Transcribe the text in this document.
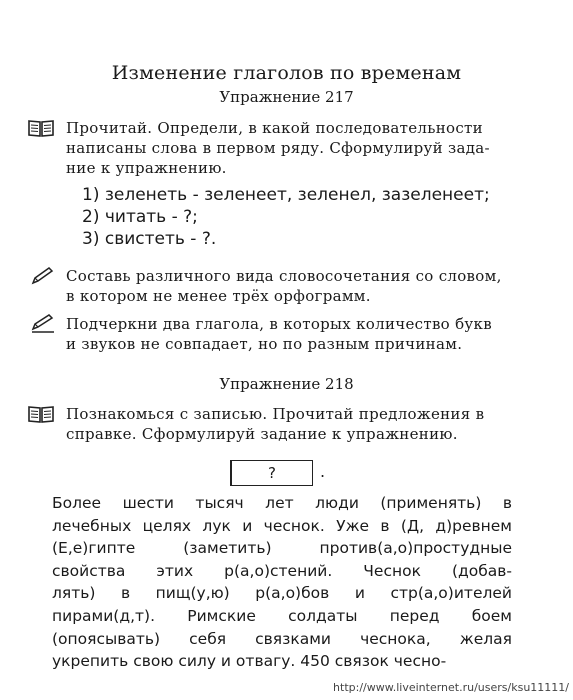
Изменение глаголов по временам
Упражнение 217
Прочитай. Определи, в какой последовательности
написаны слова в первом ряду. Сформулируй зада-
ние к упражнению.
1) зеленеть - зеленеет, зеленел, зазеленеет;
2) читать - ?;
3) свистеть - ?.
Составь различного вида словосочетания со словом,
в котором не менее трёх орфограмм.
Подчеркни два глагола, в которых количество букв
и звуков не совпадает, но по разным причинам.
Упражнение 218
Познакомься с записью. Прочитай предложения в
справке. Сформулируй задание к упражнению.
?	.
Более шести тысяч лет люди (применять) в
лечебных целях лук и чеснок. Уже в (Д, д)ревнем
(Е,е)гипте (заметить) против(а,о)простудные
свойства этих р(а,о)стений. Чеснок (добав-
лять) в пищ(у,ю) р(а,о)бов и стр(а,о)ителей
пирами(д,т). Римские солдаты перед боем
(опоясывать) себя связками чеснока, желая
укрепить свою силу и отвагу. 450 связок чесно-
http://www.liveinternet.ru/users/ksu11111/
